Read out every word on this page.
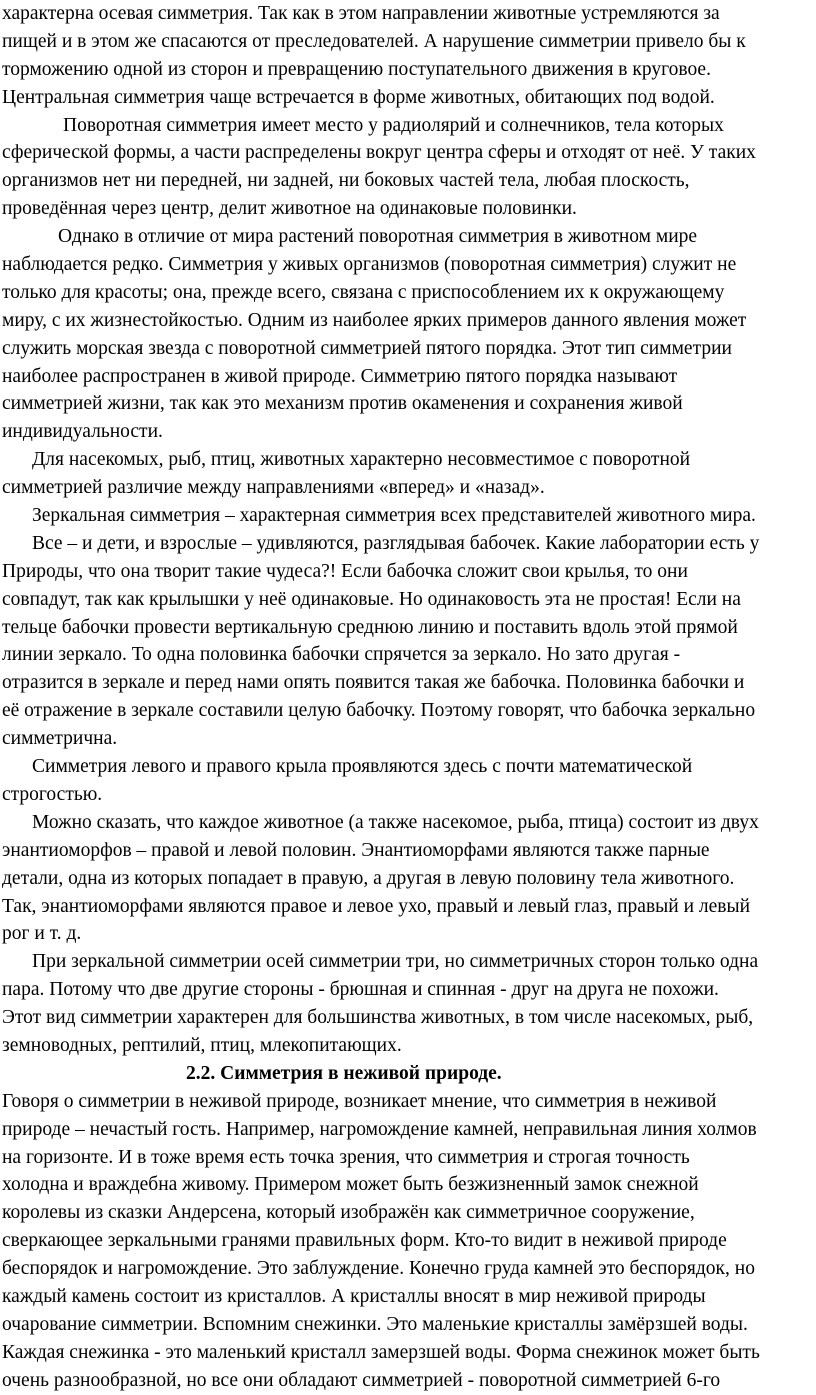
характерна осевая симметрия. Так как в этом направлении животные устремляются за
пищей и в этом же спасаются от преследователей. А нарушение симметрии привело бы к
торможению одной из сторон и превращению поступательного движения в круговое.
Центральная симметрия чаще встречается в форме животных, обитающих под водой.
Поворотная симметрия имеет место у радиолярий и солнечников, тела которых
сферической формы, а части распределены вокруг центра сферы и отходят от неё. У таких
организмов нет ни передней, ни задней, ни боковых частей тела, любая плоскость,
проведённая через центр, делит животное на одинаковые половинки.
Однако в отличие от мира растений поворотная симметрия в животном мире
наблюдается редко. Симметрия у живых организмов (поворотная симметрия) служит не
только для красоты; она, прежде всего, связана с приспособлением их к окружающему
миру, с их жизнестойкостью. Одним из наиболее ярких примеров данного явления может
служить морская звезда с поворотной симметрией пятого порядка. Этот тип симметрии
наиболее распространен в живой природе. Симметрию пятого порядка называют
симметрией жизни, так как это механизм против окаменения и сохранения живой
индивидуальности.
Для насекомых, рыб, птиц, животных характерно несовместимое с поворотной
симметрией различие между направлениями «вперед» и «назад».
Зеркальная симметрия – характерная симметрия всех представителей животного мира.
Все – и дети, и взрослые – удивляются, разглядывая бабочек. Какие лаборатории есть у
Природы, что она творит такие чудеса?! Если бабочка сложит свои крылья, то они
совпадут, так как крылышки у неё одинаковые. Но одинаковость эта не простая! Если на
тельце бабочки провести вертикальную среднюю линию и поставить вдоль этой прямой
линии зеркало. То одна половинка бабочки спрячется за зеркало. Но зато другая -
отразится в зеркале и перед нами опять появится такая же бабочка. Половинка бабочки и
её отражение в зеркале составили целую бабочку. Поэтому говорят, что бабочка зеркально
симметрична.
Симметрия левого и правого крыла проявляются здесь с почти математической
строгостью.
Можно сказать, что каждое животное (а также насекомое, рыба, птица) состоит из двух
энантиоморфов – правой и левой половин. Энантиоморфами являются также парные
детали, одна из которых попадает в правую, а другая в левую половину тела животного.
Так, энантиоморфами являются правое и левое ухо, правый и левый глаз, правый и левый
рог и т. д.
При зеркальной симметрии осей симметрии три, но симметричных сторон только одна
пара. Потому что две другие стороны - брюшная и спинная - друг на друга не похожи.
Этот вид симметрии характерен для большинства животных, в том числе насекомых, рыб,
земноводных, рептилий, птиц, млекопитающих.
2.2. Симметрия в неживой природе.
Говоря о симметрии в неживой природе, возникает мнение, что симметрия в неживой
природе – нечастый гость. Например, нагромождение камней, неправильная линия холмов
на горизонте. И в тоже время есть точка зрения, что симметрия и строгая точность
холодна и враждебна живому. Примером может быть безжизненный замок снежной
королевы из сказки Андерсена, который изображён как симметричное сооружение,
сверкающее зеркальными гранями правильных форм. Кто-то видит в неживой природе
беспорядок и нагромождение. Это заблуждение. Конечно груда камней это беспорядок, но
каждый камень состоит из кристаллов. А кристаллы вносят в мир неживой природы
очарование симметрии. Вспомним снежинки. Это маленькие кристаллы замёрзшей воды.
Каждая снежинка - это маленький кристалл замерзшей воды. Форма снежинок может быть
очень разнообразной, но все они обладают симметрией - поворотной симметрией 6-го
